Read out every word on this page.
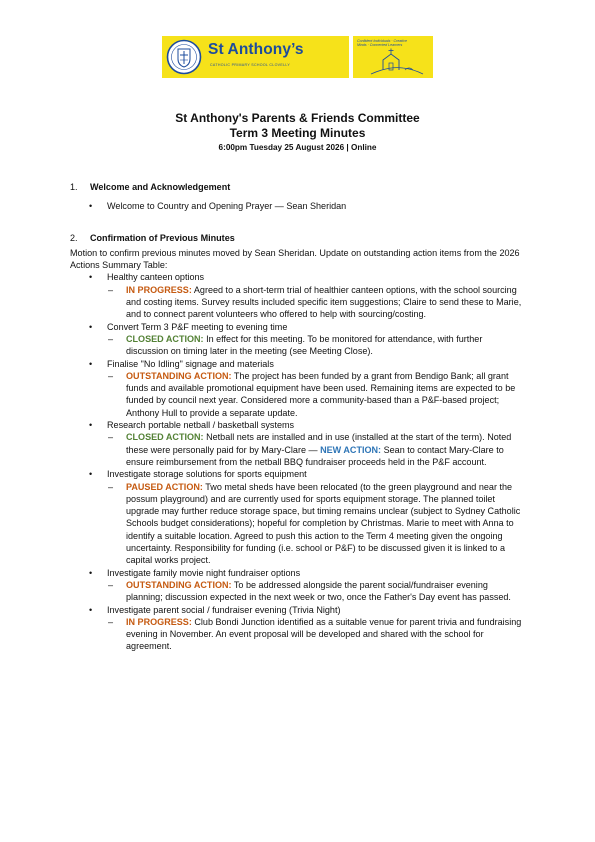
St Anthony’s
CATHOLIC PRIMARY SCHOOL CLOVELLY
Confident Individuals · Creative Minds · Connected Learners
St Anthony's Parents & Friends Committee
Term 3 Meeting Minutes
6:00pm Tuesday 25 August 2026 | Online
1.	Welcome and Acknowledgement
• Welcome to Country and Opening Prayer — Sean Sheridan
2.	Confirmation of Previous Minutes
Motion to confirm previous minutes moved by Sean Sheridan. Update on outstanding action items from the 2026 Actions Summary Table:
• Healthy canteen options
– IN PROGRESS: Agreed to a short-term trial of healthier canteen options, with the school sourcing and costing items. Survey results included specific item suggestions; Claire to send these to Marie, and to connect parent volunteers who offered to help with sourcing/costing.
• Convert Term 3 P&F meeting to evening time
– CLOSED ACTION: In effect for this meeting. To be monitored for attendance, with further discussion on timing later in the meeting (see Meeting Close).
• Finalise "No Idling" signage and materials
– OUTSTANDING ACTION: The project has been funded by a grant from Bendigo Bank; all grant funds and available promotional equipment have been used. Remaining items are expected to be funded by council next year. Considered more a community-based than a P&F-based project; Anthony Hull to provide a separate update.
• Research portable netball / basketball systems
– CLOSED ACTION: Netball nets are installed and in use (installed at the start of the term). Noted these were personally paid for by Mary-Clare — NEW ACTION: Sean to contact Mary-Clare to ensure reimbursement from the netball BBQ fundraiser proceeds held in the P&F account.
• Investigate storage solutions for sports equipment
– PAUSED ACTION: Two metal sheds have been relocated (to the green playground and near the possum playground) and are currently used for sports equipment storage. The planned toilet upgrade may further reduce storage space, but timing remains unclear (subject to Sydney Catholic Schools budget considerations); hopeful for completion by Christmas. Marie to meet with Anna to identify a suitable location. Agreed to push this action to the Term 4 meeting given the ongoing uncertainty. Responsibility for funding (i.e. school or P&F) to be discussed given it is linked to a capital works project.
• Investigate family movie night fundraiser options
– OUTSTANDING ACTION: To be addressed alongside the parent social/fundraiser evening planning; discussion expected in the next week or two, once the Father's Day event has passed.
• Investigate parent social / fundraiser evening (Trivia Night)
– IN PROGRESS: Club Bondi Junction identified as a suitable venue for parent trivia and fundraising evening in November. An event proposal will be developed and shared with the school for agreement.
